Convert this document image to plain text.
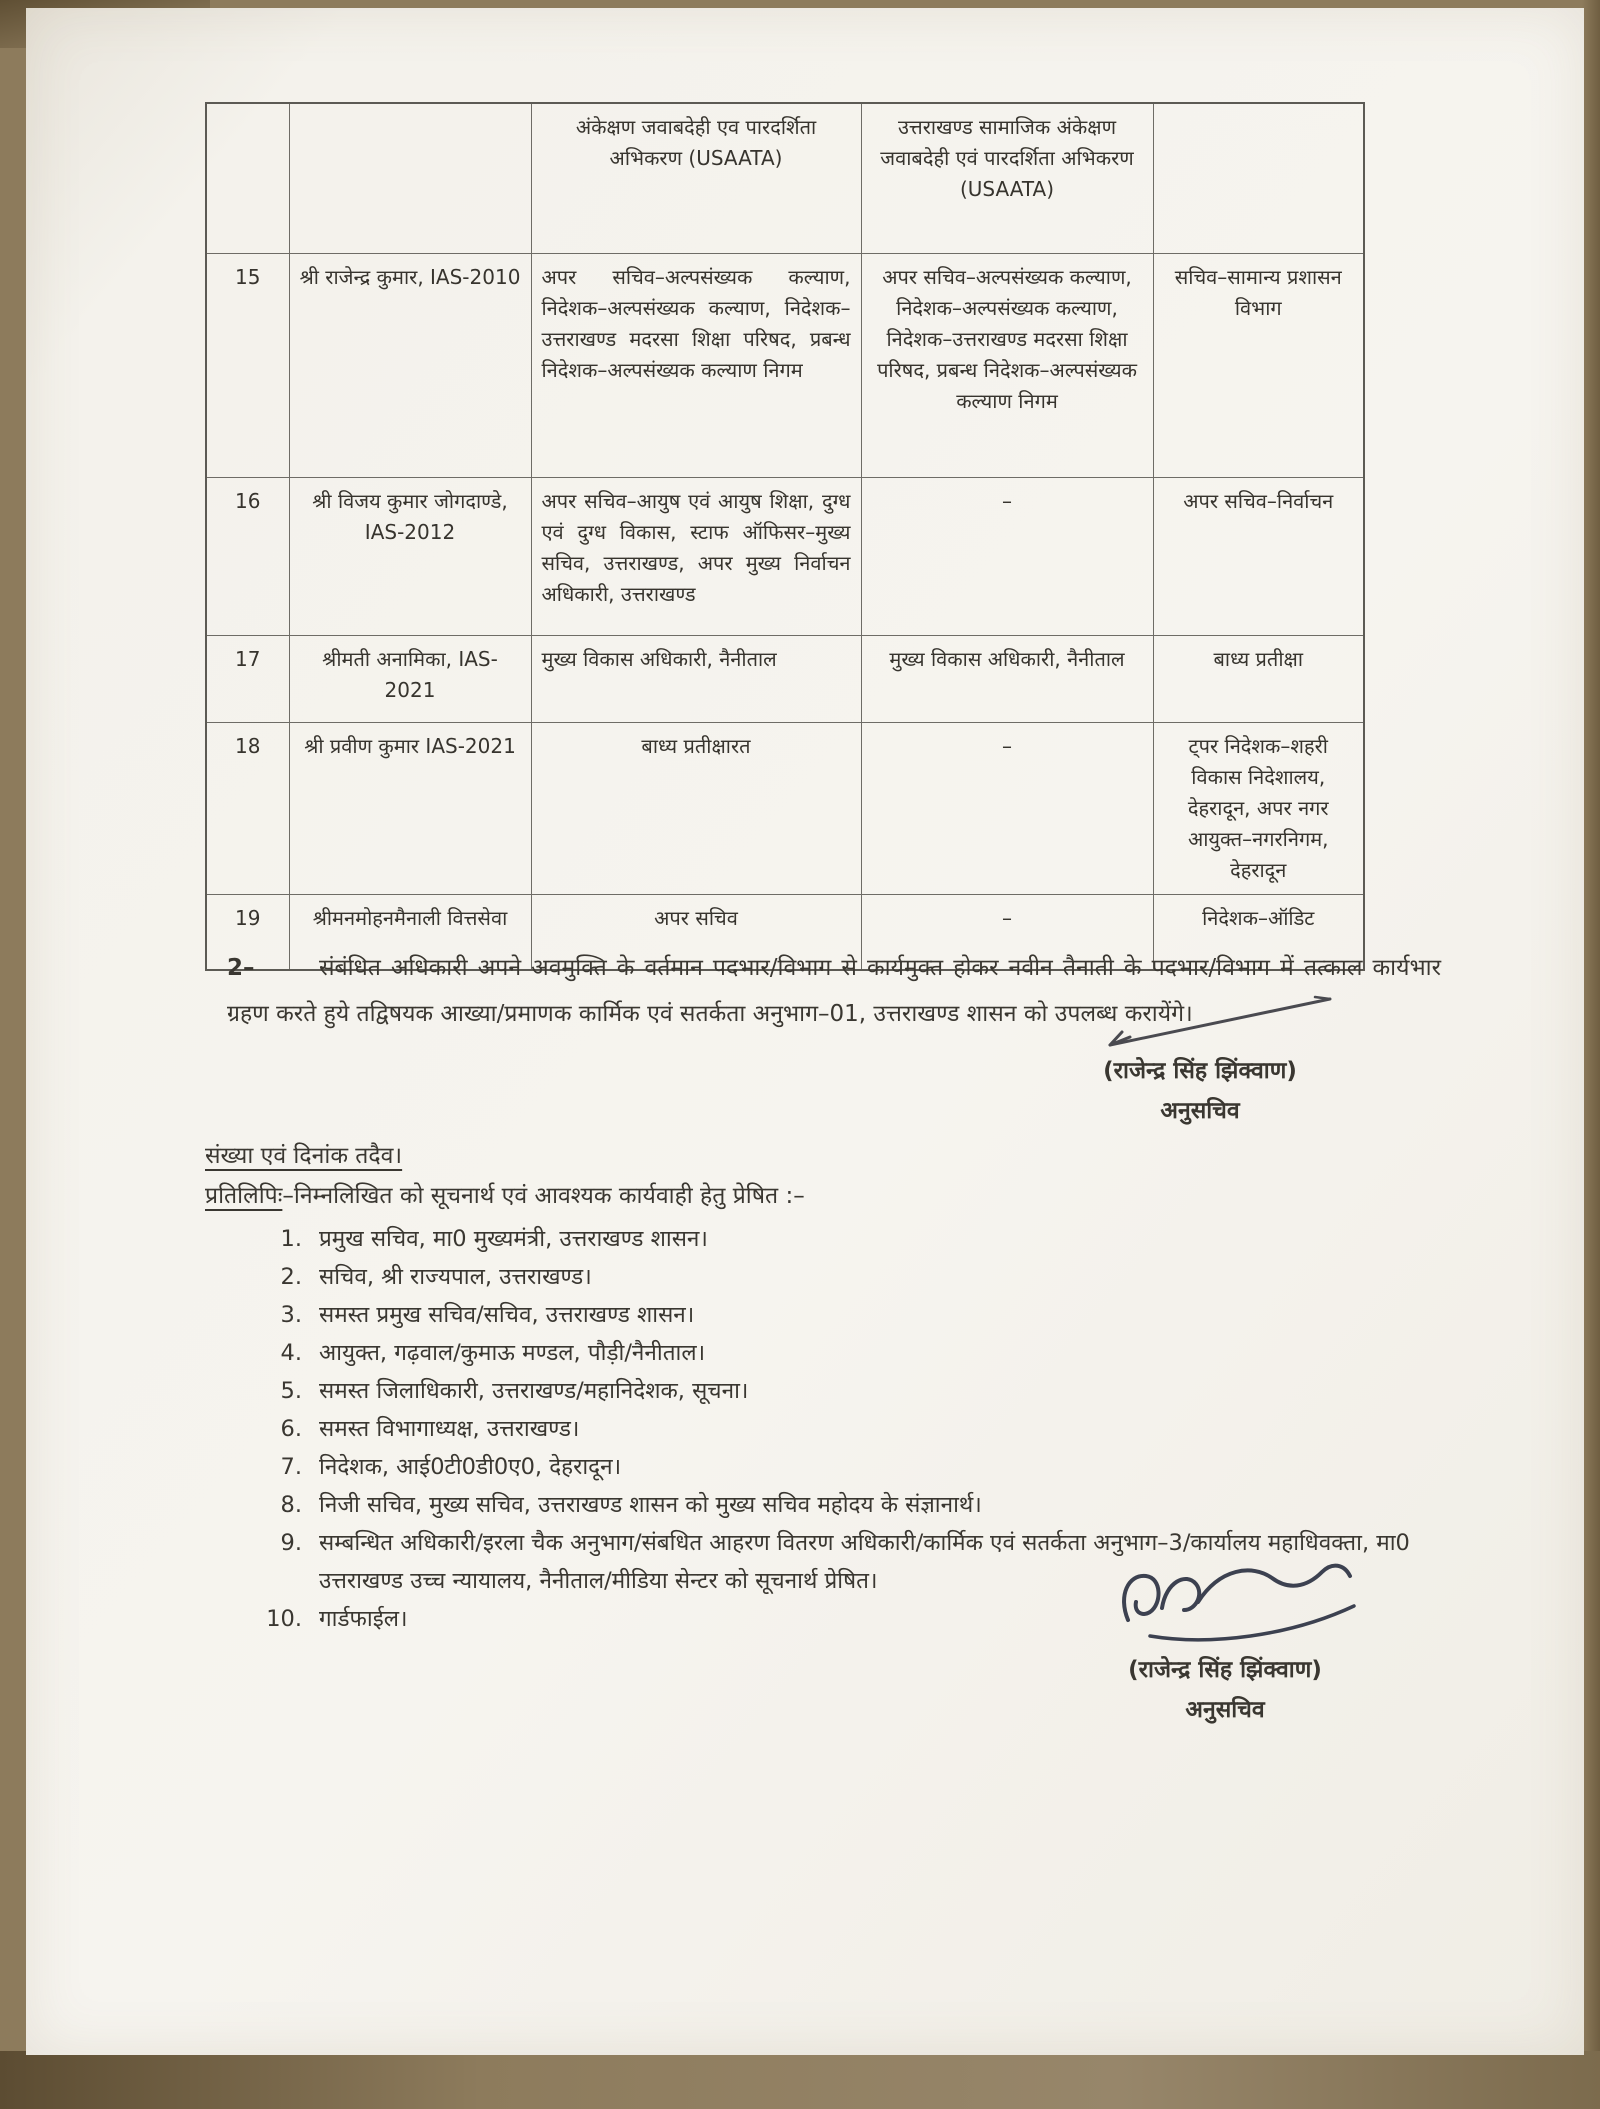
		अंकेक्षण जवाबदेही एव पारदर्शिता अभिकरण (USAATA)	उत्तराखण्ड सामाजिक अंकेक्षण जवाबदेही एवं पारदर्शिता अभिकरण (USAATA)	
15	श्री राजेन्द्र कुमार, IAS-2010	अपर सचिव–अल्पसंख्यक कल्याण, निदेशक–अल्पसंख्यक कल्याण, निदेशक–उत्तराखण्ड मदरसा शिक्षा परिषद, प्रबन्ध निदेशक–अल्पसंख्यक कल्याण निगम	अपर सचिव–अल्पसंख्यक कल्याण, निदेशक–अल्पसंख्यक कल्याण, निदेशक–उत्तराखण्ड मदरसा शिक्षा परिषद, प्रबन्ध निदेशक–अल्पसंख्यक कल्याण निगम	सचिव–सामान्य प्रशासन विभाग
16	श्री विजय कुमार जोगदाण्डे, IAS-2012	अपर सचिव–आयुष एवं आयुष शिक्षा, दुग्ध एवं दुग्ध विकास, स्टाफ ऑफिसर–मुख्य सचिव, उत्तराखण्ड, अपर मुख्य निर्वाचन अधिकारी, उत्तराखण्ड	–	अपर सचिव–निर्वाचन
17	श्रीमती अनामिका, IAS-2021	मुख्य विकास अधिकारी, नैनीताल	मुख्य विकास अधिकारी, नैनीताल	बाध्य प्रतीक्षा
18	श्री प्रवीण कुमार IAS-2021	बाध्य प्रतीक्षारत	–	ट्पर निदेशक–शहरी विकास निदेशालय, देहरादून, अपर नगर आयुक्त–नगरनिगम, देहरादून
19	श्रीमनमोहनमैनाली वित्तसेवा	अपर सचिव	–	निदेशक–ऑडिट
2–	संबंधित अधिकारी अपने अवमुक्ति के वर्तमान पदभार/विभाग से कार्यमुक्त होकर नवीन तैनाती के पदभार/विभाग में तत्काल कार्यभार ग्रहण करते हुये तद्विषयक आख्या/प्रमाणक कार्मिक एवं सतर्कता अनुभाग–01, उत्तराखण्ड शासन को उपलब्ध करायेंगे।
(राजेन्द्र सिंह झिंक्वाण)
अनुसचिव
संख्या एवं दिनांक तदैव।
प्रतिलिपिः–निम्नलिखित को सूचनार्थ एवं आवश्यक कार्यवाही हेतु प्रेषित :–
1. प्रमुख सचिव, मा0 मुख्यमंत्री, उत्तराखण्ड शासन।
2. सचिव, श्री राज्यपाल, उत्तराखण्ड।
3. समस्त प्रमुख सचिव/सचिव, उत्तराखण्ड शासन।
4. आयुक्त, गढ़वाल/कुमाऊ मण्डल, पौड़ी/नैनीताल।
5. समस्त जिलाधिकारी, उत्तराखण्ड/महानिदेशक, सूचना।
6. समस्त विभागाध्यक्ष, उत्तराखण्ड।
7. निदेशक, आई0टी0डी0ए0, देहरादून।
8. निजी सचिव, मुख्य सचिव, उत्तराखण्ड शासन को मुख्य सचिव महोदय के संज्ञानार्थ।
9. सम्बन्धित अधिकारी/इरला चैक अनुभाग/संबधित आहरण वितरण अधिकारी/कार्मिक एवं सतर्कता अनुभाग–3/कार्यालय महाधिवक्ता, मा0 उत्तराखण्ड उच्च न्यायालय, नैनीताल/मीडिया सेन्टर को सूचनार्थ प्रेषित।
10. गार्डफाईल।
(राजेन्द्र सिंह झिंक्वाण)
अनुसचिव
